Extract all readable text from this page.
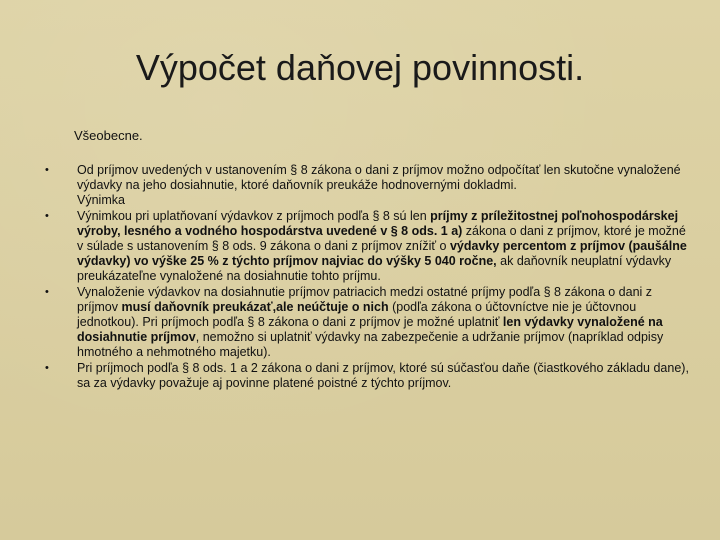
Výpočet daňovej povinnosti.
Všeobecne.
• Od príjmov uvedených v ustanovením § 8 zákona o dani z príjmov možno odpočítať len skutočne vynaložené výdavky na jeho dosiahnutie, ktoré daňovník preukáže hodnovernými dokladmi.
Výnimka
• Výnimkou pri uplatňovaní výdavkov z príjmoch podľa § 8 sú len príjmy z príležitostnej poľnohospodárskej výroby, lesného a vodného hospodárstva uvedené v § 8 ods. 1 a) zákona o dani z príjmov, ktoré je možné v súlade s ustanovením § 8 ods. 9 zákona o dani z príjmov znížiť o výdavky percentom z príjmov (paušálne výdavky) vo výške 25 % z týchto príjmov najviac do výšky 5 040 ročne, ak daňovník neuplatní výdavky preukázateľne vynaložené na dosiahnutie tohto príjmu.
• Vynaloženie výdavkov na dosiahnutie príjmov patriacich medzi ostatné príjmy podľa § 8 zákona o dani z príjmov musí daňovník preukázať,ale neúčtuje o nich (podľa zákona o účtovníctve nie je účtovnou jednotkou). Pri príjmoch podľa § 8 zákona o dani z príjmov je možné uplatniť len výdavky vynaložené na dosiahnutie príjmov, nemožno si uplatniť výdavky na zabezpečenie a udržanie príjmov (napríklad odpisy hmotného a nehmotného majetku).
• Pri príjmoch podľa § 8 ods. 1 a 2 zákona o dani z príjmov, ktoré sú súčasťou daňe (čiastkového základu dane), sa za výdavky považuje aj povinne platené poistné z týchto príjmov.
